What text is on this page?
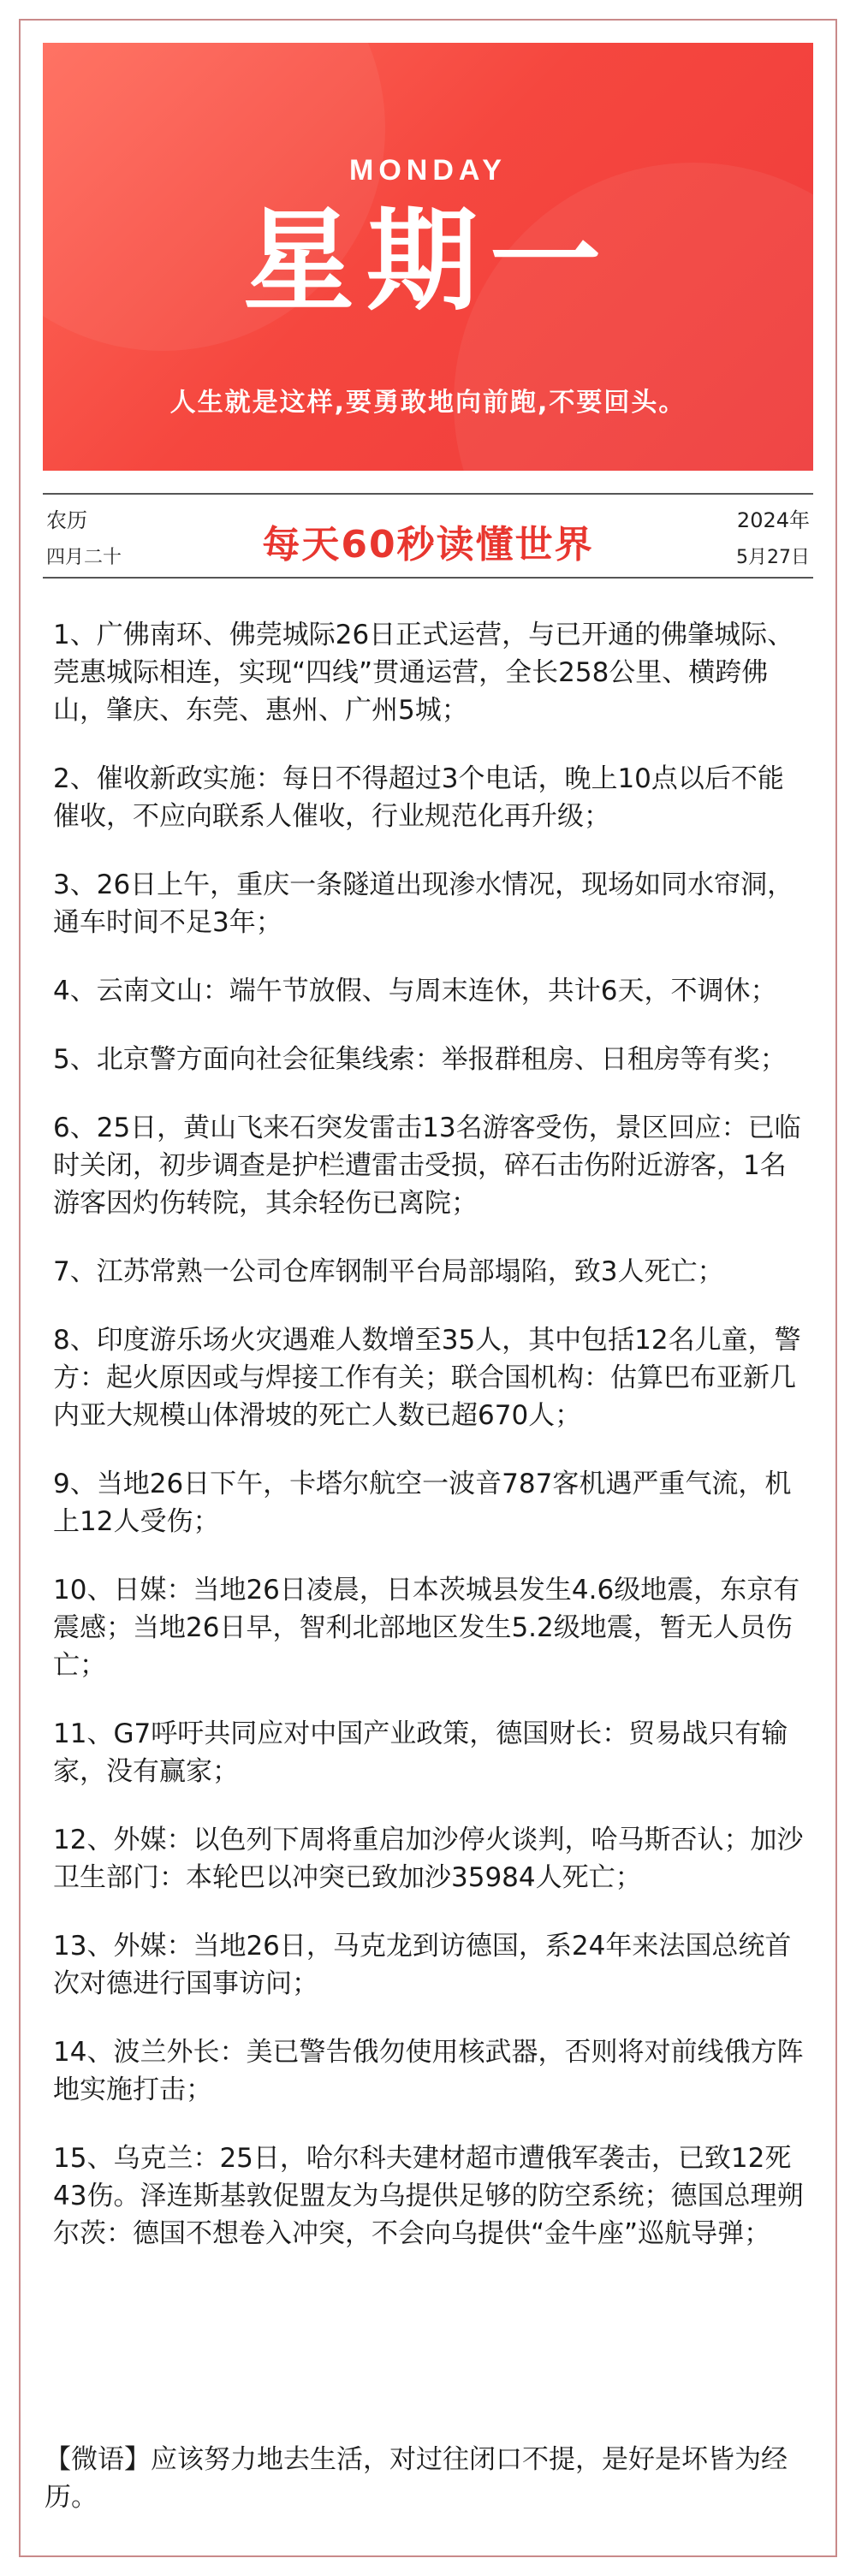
MONDAY
星期一
人生就是这样,要勇敢地向前跑,不要回头。
农历
四月二十	每天60秒读懂世界
2024年
5月27日
1、广佛南环、佛莞城际26日正式运营，与已开通的佛肇城际、莞惠城际相连，实现“四线”贯通运营，全长258公里、横跨佛山，肇庆、东莞、惠州、广州5城；
2、催收新政实施：每日不得超过3个电话，晚上10点以后不能催收，不应向联系人催收，行业规范化再升级；
3、26日上午，重庆一条隧道出现渗水情况，现场如同水帘洞，通车时间不足3年；
4、云南文山：端午节放假、与周末连休，共计6天，不调休；
5、北京警方面向社会征集线索：举报群租房、日租房等有奖；
6、25日，黄山飞来石突发雷击13名游客受伤，景区回应：已临时关闭，初步调查是护栏遭雷击受损，碎石击伤附近游客，1名游客因灼伤转院，其余轻伤已离院；
7、江苏常熟一公司仓库钢制平台局部塌陷，致3人死亡；
8、印度游乐场火灾遇难人数增至35人，其中包括12名儿童，警方：起火原因或与焊接工作有关；联合国机构：估算巴布亚新几内亚大规模山体滑坡的死亡人数已超670人；
9、当地26日下午，卡塔尔航空一波音787客机遇严重气流，机上12人受伤；
10、日媒：当地26日凌晨，日本茨城县发生4.6级地震，东京有震感；当地26日早，智利北部地区发生5.2级地震，暂无人员伤亡；
11、G7呼吁共同应对中国产业政策，德国财长：贸易战只有输家，没有赢家；
12、外媒：以色列下周将重启加沙停火谈判，哈马斯否认；加沙卫生部门：本轮巴以冲突已致加沙35984人死亡；
13、外媒：当地26日，马克龙到访德国，系24年来法国总统首次对德进行国事访问；
14、波兰外长：美已警告俄勿使用核武器，否则将对前线俄方阵地实施打击；
15、乌克兰：25日，哈尔科夫建材超市遭俄军袭击，已致12死43伤。泽连斯基敦促盟友为乌提供足够的防空系统；德国总理朔尔茨：德国不想卷入冲突，不会向乌提供“金牛座”巡航导弹；
【微语】应该努力地去生活，对过往闭口不提，是好是坏皆为经历。
